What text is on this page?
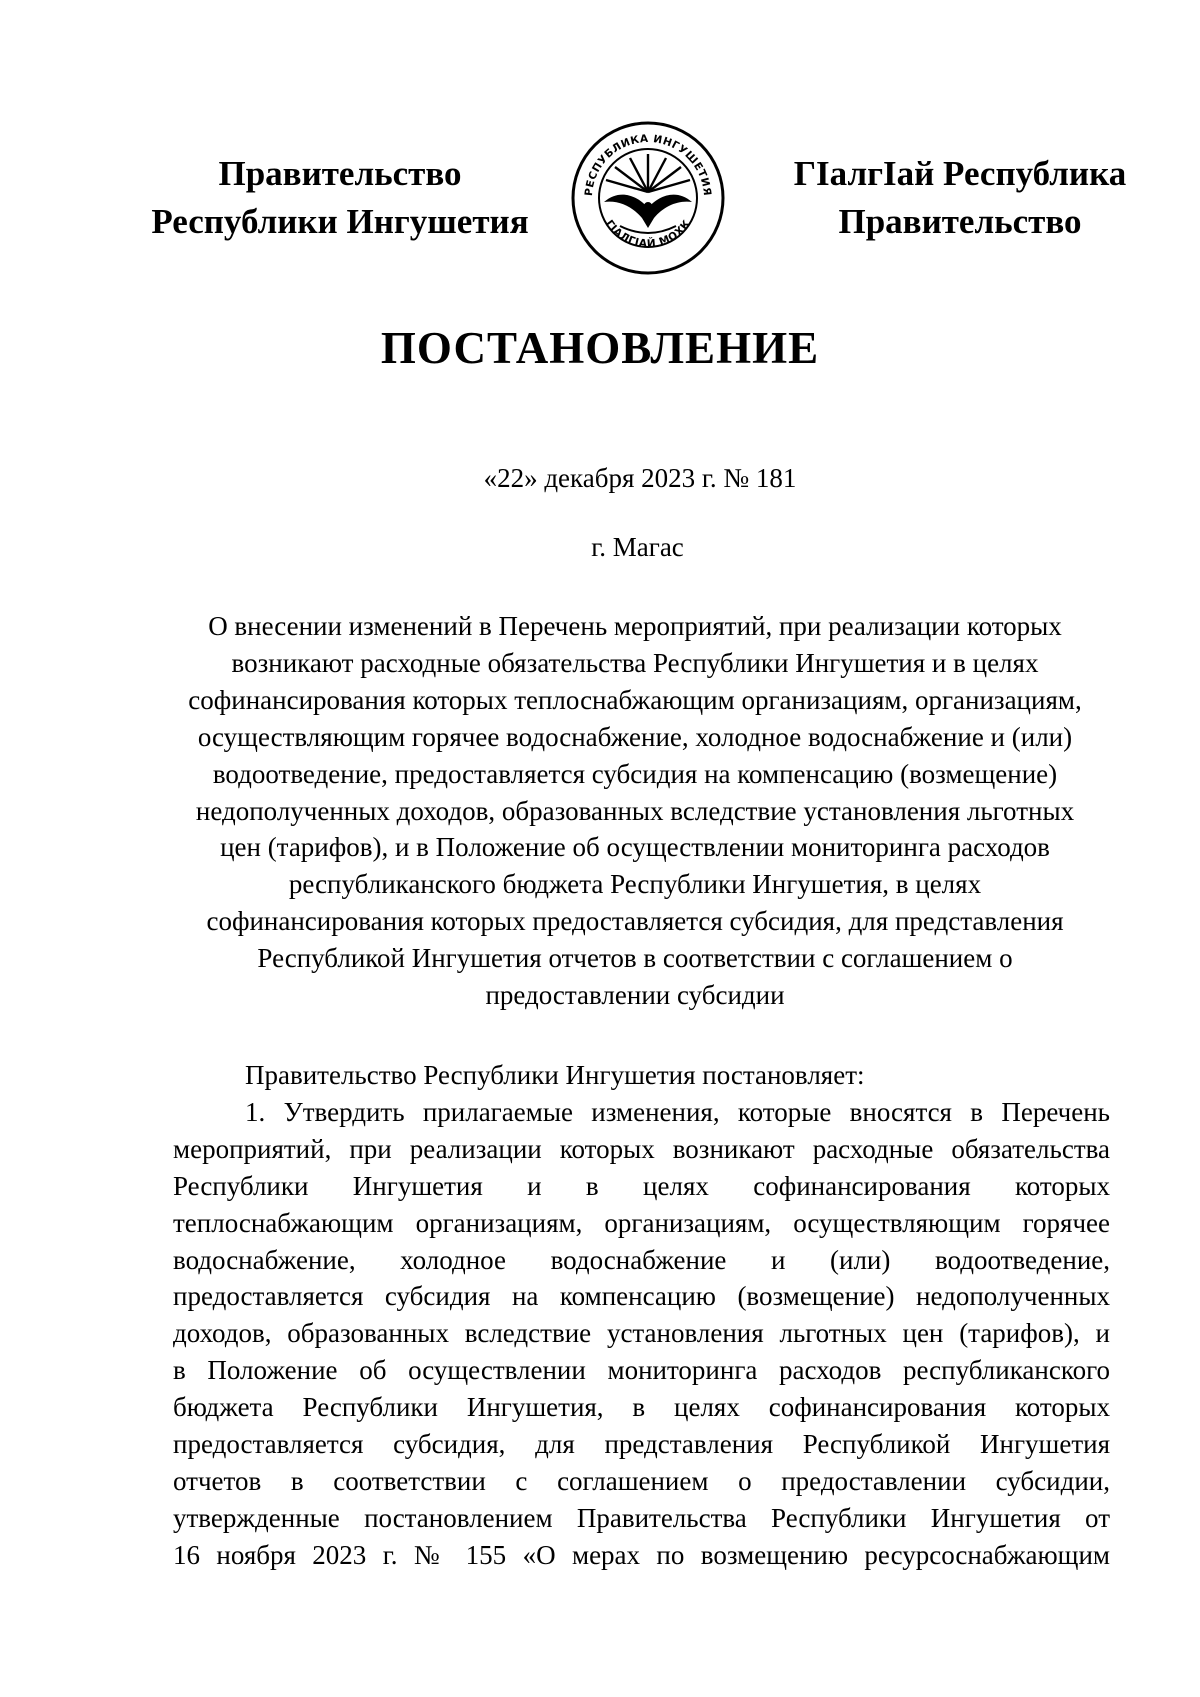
Правительство
Республики Ингушетия
ГIалгIай Республика
Правительство
РЕСПУБЛИКА ИНГУШЕТИЯ
ГIАЛГIАЙ МОХК
ПОСТАНОВЛЕНИЕ
«22» декабря 2023 г. № 181
г. Магас
О внесении изменений в Перечень мероприятий, при реализации которых
возникают расходные обязательства Республики Ингушетия и в целях
софинансирования которых теплоснабжающим организациям, организациям,
осуществляющим горячее водоснабжение, холодное водоснабжение и (или)
водоотведение, предоставляется субсидия на компенсацию (возмещение)
недополученных доходов, образованных вследствие установления льготных
цен (тарифов), и в Положение об осуществлении мониторинга расходов
республиканского бюджета Республики Ингушетия, в целях
софинансирования которых предоставляется субсидия, для представления
Республикой Ингушетия отчетов в соответствии с соглашением о
предоставлении субсидии
Правительство Республики Ингушетия постановляет:
1. Утвердить прилагаемые изменения, которые вносятся в Перечень
мероприятий, при реализации которых возникают расходные обязательства
Республики Ингушетия и в целях софинансирования которых
теплоснабжающим организациям, организациям, осуществляющим горячее
водоснабжение, холодное водоснабжение и (или) водоотведение,
предоставляется субсидия на компенсацию (возмещение) недополученных
доходов, образованных вследствие установления льготных цен (тарифов), и
в Положение об осуществлении мониторинга расходов республиканского
бюджета Республики Ингушетия, в целях софинансирования которых
предоставляется субсидия, для представления Республикой Ингушетия
отчетов в соответствии с соглашением о предоставлении субсидии,
утвержденные постановлением Правительства Республики Ингушетия от
16 ноября 2023 г. № 155 «О мерах по возмещению ресурсоснабжающим
